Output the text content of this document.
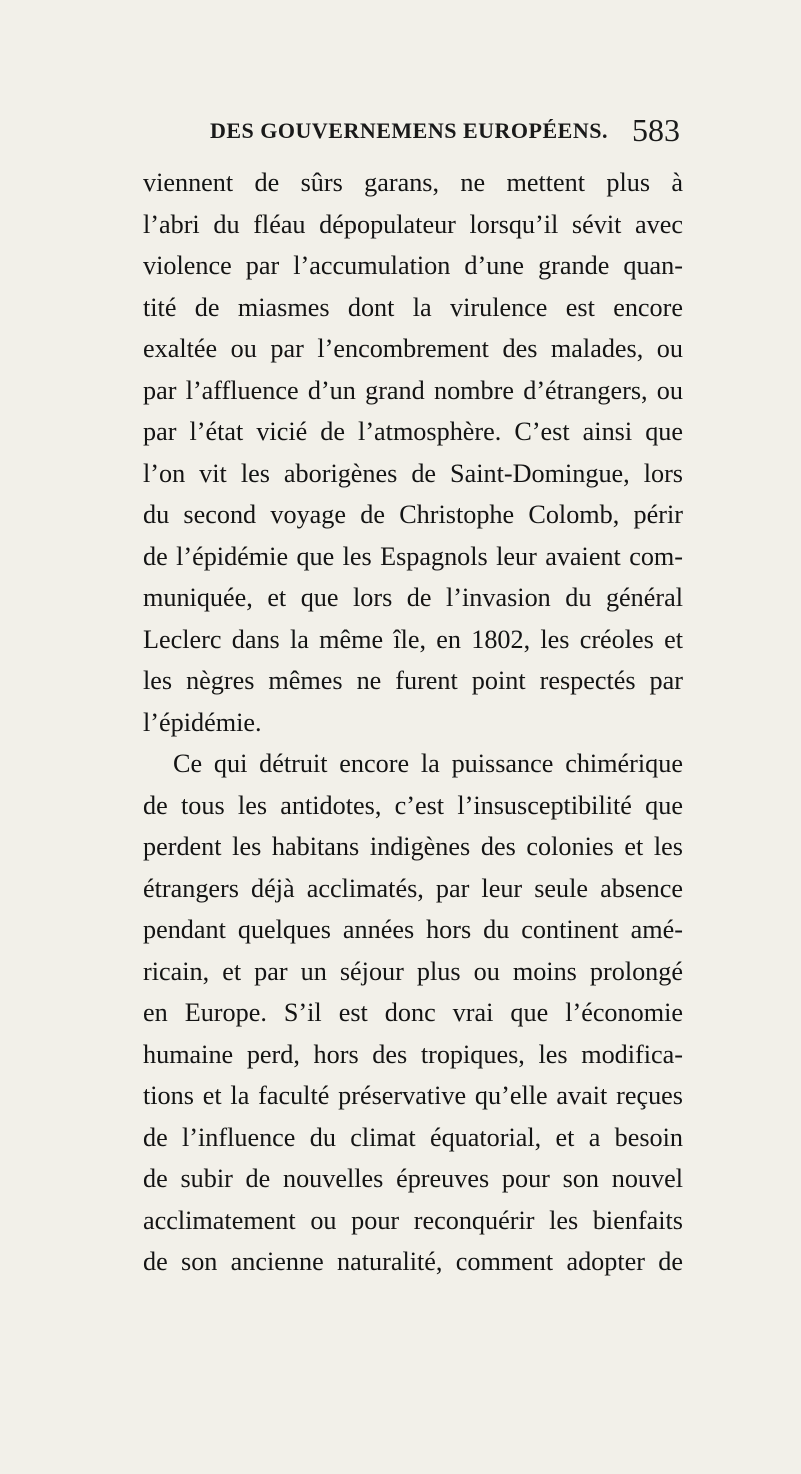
DES GOUVERNEMENS EUROPÉENS. 583
viennent de sûrs garans, ne mettent plus à
l’abri du fléau dépopulateur lorsqu’il sévit avec
violence par l’accumulation d’une grande quan-
tité de miasmes dont la virulence est encore
exaltée ou par l’encombrement des malades, ou
par l’affluence d’un grand nombre d’étrangers, ou
par l’état vicié de l’atmosphère. C’est ainsi que
l’on vit les aborigènes de Saint-Domingue, lors
du second voyage de Christophe Colomb, périr
de l’épidémie que les Espagnols leur avaient com-
muniquée, et que lors de l’invasion du général
Leclerc dans la même île, en 1802, les créoles et
les nègres mêmes ne furent point respectés par
l’épidémie.
Ce qui détruit encore la puissance chimérique
de tous les antidotes, c’est l’insusceptibilité que
perdent les habitans indigènes des colonies et les
étrangers déjà acclimatés, par leur seule absence
pendant quelques années hors du continent amé-
ricain, et par un séjour plus ou moins prolongé
en Europe. S’il est donc vrai que l’économie
humaine perd, hors des tropiques, les modifica-
tions et la faculté préservative qu’elle avait reçues
de l’influence du climat équatorial, et a besoin
de subir de nouvelles épreuves pour son nouvel
acclimatement ou pour reconquérir les bienfaits
de son ancienne naturalité, comment adopter de
